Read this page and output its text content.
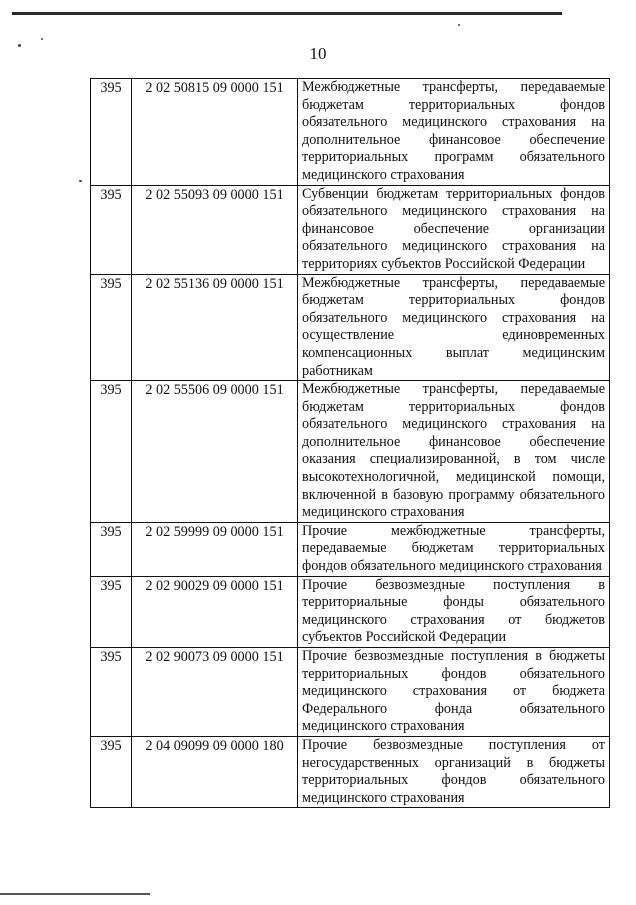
10
395	2 02 50815 09 0000 151	Межбюджетные трансферты, передаваемые бюджетам территориальных фондов обязательного медицинского страхования на дополнительное финансовое обеспечение территориальных программ обязательного медицинского страхования
395	2 02 55093 09 0000 151	Субвенции бюджетам территориальных фондов обязательного медицинского страхования на финансовое обеспечение организации обязательного медицинского страхования на территориях субъектов Российской Федерации
395	2 02 55136 09 0000 151	Межбюджетные трансферты, передаваемые бюджетам территориальных фондов обязательного медицинского страхования на осуществление единовременных компенсационных выплат медицинским работникам
395	2 02 55506 09 0000 151	Межбюджетные трансферты, передаваемые бюджетам территориальных фондов обязательного медицинского страхования на дополнительное финансовое обеспечение оказания специализированной, в том числе высокотехнологичной, медицинской помощи, включенной в базовую программу обязательного медицинского страхования
395	2 02 59999 09 0000 151	Прочие межбюджетные трансферты, передаваемые бюджетам территориальных фондов обязательного медицинского страхования
395	2 02 90029 09 0000 151	Прочие безвозмездные поступления в территориальные фонды обязательного медицинского страхования от бюджетов субъектов Российской Федерации
395	2 02 90073 09 0000 151	Прочие безвозмездные поступления в бюджеты территориальных фондов обязательного медицинского страхования от бюджета Федерального фонда обязательного медицинского страхования
395	2 04 09099 09 0000 180	Прочие безвозмездные поступления от негосударственных организаций в бюджеты территориальных фондов обязательного медицинского страхования
